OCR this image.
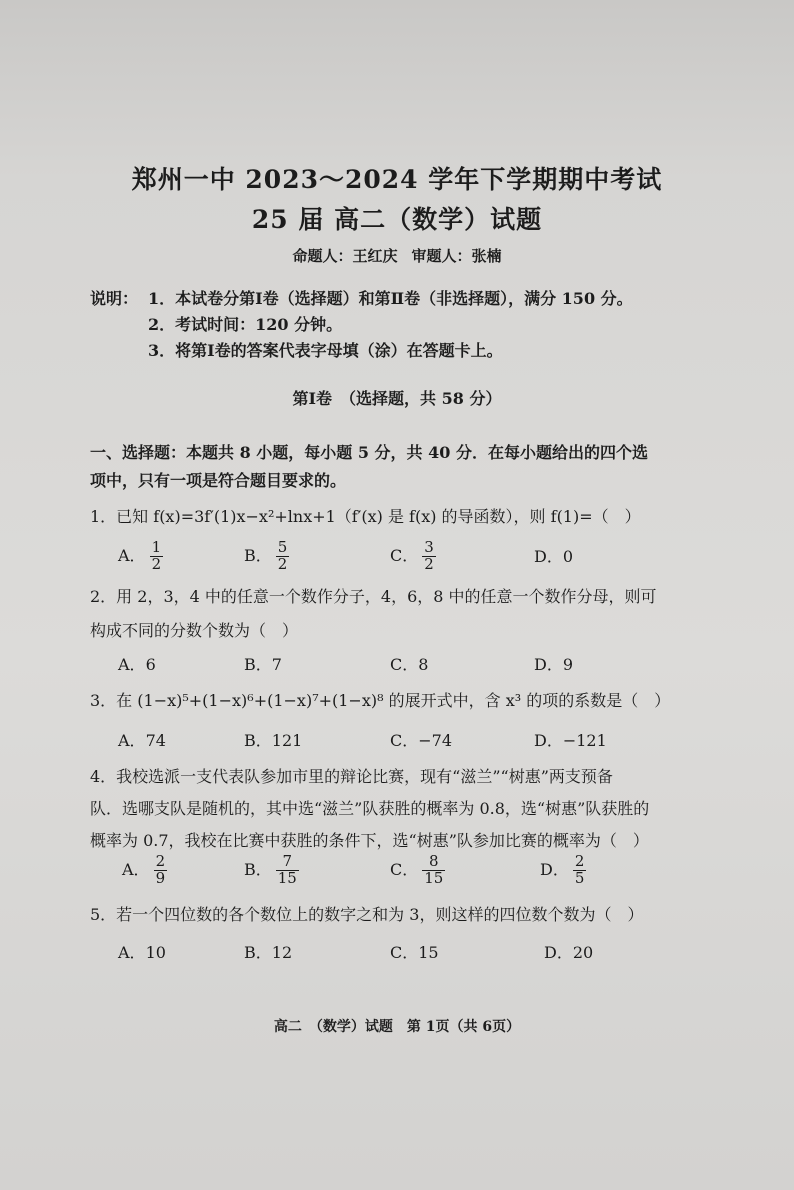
郑州一中 2023～2024 学年下学期期中考试
25 届 高二（数学）试题
命题人：王红庆 审题人：张楠
说明： 1．本试卷分第Ⅰ卷（选择题）和第Ⅱ卷（非选择题），满分 150 分。
2．考试时间：120 分钟。
3．将第Ⅰ卷的答案代表字母填（涂）在答题卡上。
第Ⅰ卷　（选择题，共 58 分）
一、选择题：本题共 8 小题，每小题 5 分，共 40 分．在每小题给出的四个选
项中，只有一项是符合题目要求的。
1．已知 f(x)=3f′(1)x−x²+lnx+1（f′(x) 是 f(x) 的导函数），则 f(1)=（　）
A． $\frac{1}{2}$	B． $\frac{5}{2}$	C． $\frac{3}{2}$	D．0
2．用 2，3，4 中的任意一个数作分子，4，6，8 中的任意一个数作分母，则可
构成不同的分数个数为（　）
A．6	B．7	C．8	D．9
3．在 (1−x)⁵+(1−x)⁶+(1−x)⁷+(1−x)⁸ 的展开式中，含 x³ 的项的系数是（　）
A．74	B．121	C．−74	D．−121
4．我校选派一支代表队参加市里的辩论比赛，现有“滋兰”“树惠”两支预备
队．选哪支队是随机的，其中选“滋兰”队获胜的概率为 0.8，选“树惠”队获胜的
概率为 0.7，我校在比赛中获胜的条件下，选“树惠”队参加比赛的概率为（　）
A． $\frac{2}{9}$	B． $\frac{7}{15}$	C． $\frac{8}{15}$	D． $\frac{2}{5}$
5．若一个四位数的各个数位上的数字之和为 3，则这样的四位数个数为（　）
A．10	B．12	C．15	D．20
高二　（数学）试题　第 1页（共 6页）
